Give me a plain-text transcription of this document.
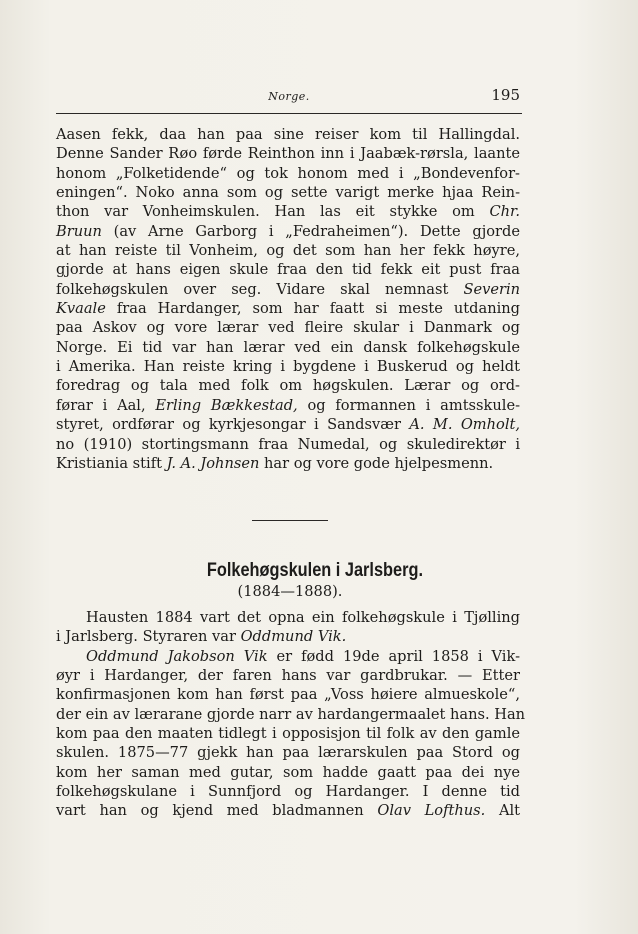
Norge.	195
Aasen fekk, daa han paa sine reiser kom til Hallingdal.
Denne Sander Røo førde Reinthon inn i Jaabæk-rørsla, laante
honom „Folketidende“ og tok honom med i „Bondevenfor-
eningen“. Noko anna som og sette varigt merke hjaa Rein-
thon var Vonheimskulen. Han las eit stykke om Chr.
Bruun (av Arne Garborg i „Fedraheimen“). Dette gjorde
at han reiste til Vonheim, og det som han her fekk høyre,
gjorde at hans eigen skule fraa den tid fekk eit pust fraa
folkehøgskulen over seg. Vidare skal nemnast Severin
Kvaale fraa Hardanger, som har faatt si meste utdaning
paa Askov og vore lærar ved fleire skular i Danmark og
Norge. Ei tid var han lærar ved ein dansk folkehøgskule
i Amerika. Han reiste kring i bygdene i Buskerud og heldt
foredrag og tala med folk om høgskulen. Lærar og ord-
førar i Aal, Erling Bækkestad, og formannen i amtsskule-
styret, ordførar og kyrkjesongar i Sandsvær A. M. Omholt,
no (1910) stortingsmann fraa Numedal, og skuledirektør i
Kristiania stift J. A. Johnsen har og vore gode hjelpesmenn.
Folkehøgskulen i Jarlsberg.
(1884—1888).
Hausten 1884 vart det opna ein folkehøgskule i Tjølling
i Jarlsberg. Styraren var Oddmund Vik.
Oddmund Jakobson Vik er fødd 19de april 1858 i Vik-
øyr i Hardanger, der faren hans var gardbrukar. — Etter
konfirmasjonen kom han først paa „Voss høiere almueskole“,
der ein av lærarane gjorde narr av hardangermaalet hans. Han
kom paa den maaten tidlegt i opposisjon til folk av den gamle
skulen. 1875—77 gjekk han paa lærarskulen paa Stord og
kom her saman med gutar, som hadde gaatt paa dei nye
folkehøgskulane i Sunnfjord og Hardanger. I denne tid
vart han og kjend med bladmannen Olav Lofthus. Alt
